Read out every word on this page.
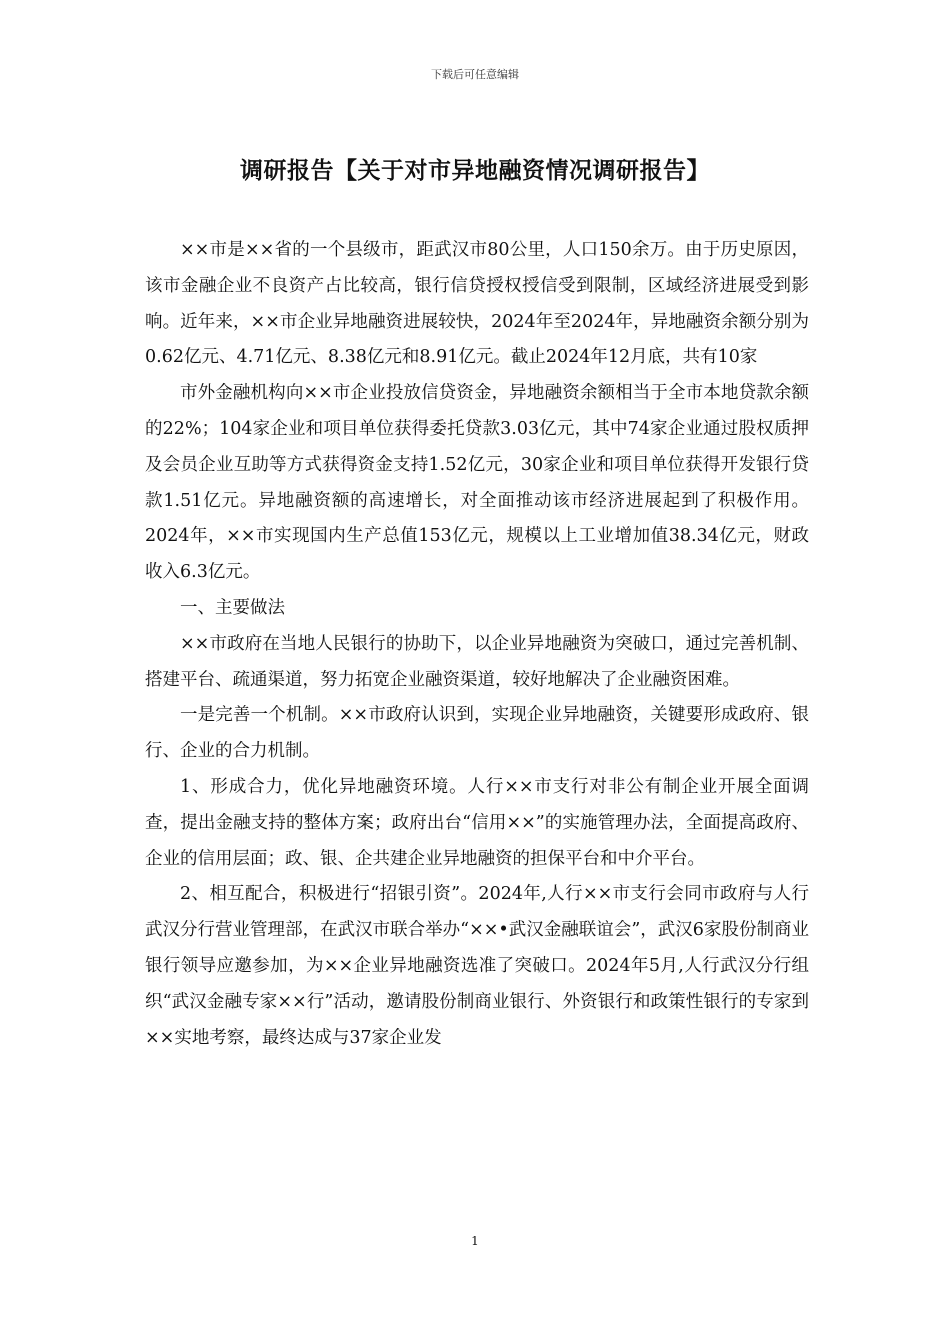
下载后可任意编辑
调研报告【关于对市异地融资情况调研报告】

××市是××省的一个县级市，距武汉市80公里，人口150余万。由于历史原因，该市金融企业不良资产占比较高，银行信贷授权授信受到限制，区域经济进展受到影响。近年来，××市企业异地融资进展较快，2024年至2024年，异地融资余额分别为0.62亿元、4.71亿元、8.38亿元和8.91亿元。截止2024年12月底，共有10家

市外金融机构向××市企业投放信贷资金，异地融资余额相当于全市本地贷款余额的22%；104家企业和项目单位获得委托贷款3.03亿元，其中74家企业通过股权质押及会员企业互助等方式获得资金支持1.52亿元，30家企业和项目单位获得开发银行贷款1.51亿元。异地融资额的高速增长，对全面推动该市经济进展起到了积极作用。2024年，××市实现国内生产总值153亿元，规模以上工业增加值38.34亿元，财政收入6.3亿元。

一、主要做法

××市政府在当地人民银行的协助下，以企业异地融资为突破口，通过完善机制、搭建平台、疏通渠道，努力拓宽企业融资渠道，较好地解决了企业融资困难。

一是完善一个机制。××市政府认识到，实现企业异地融资，关键要形成政府、银行、企业的合力机制。

1、形成合力，优化异地融资环境。人行××市支行对非公有制企业开展全面调查，提出金融支持的整体方案；政府出台“信用××”的实施管理办法，全面提高政府、企业的信用层面；政、银、企共建企业异地融资的担保平台和中介平台。

2、相互配合，积极进行“招银引资”。2024年,人行××市支行会同市政府与人行武汉分行营业管理部，在武汉市联合举办“××•武汉金融联谊会”，武汉6家股份制商业银行领导应邀参加，为××企业异地融资选准了突破口。2024年5月,人行武汉分行组织“武汉金融专家××行”活动，邀请股份制商业银行、外资银行和政策性银行的专家到××实地考察，最终达成与37家企业发

1
